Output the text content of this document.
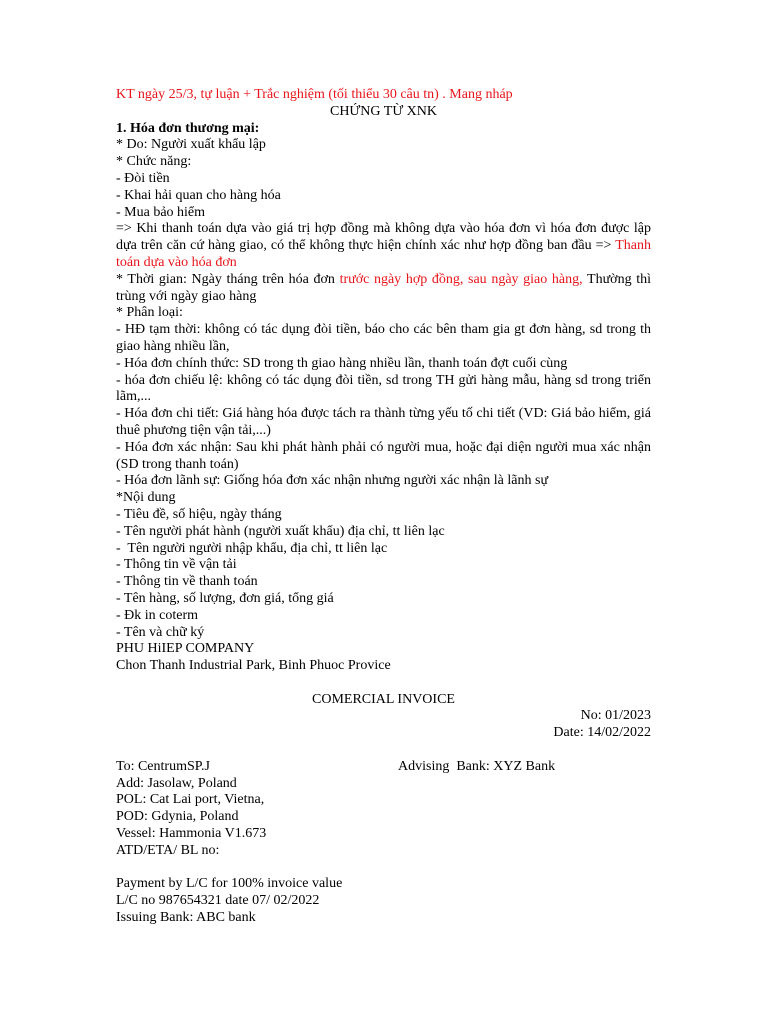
KT ngày 25/3, tự luận + Trắc nghiệm (tối thiểu 30 câu tn) . Mang nháp

CHỨNG TỪ XNK

1. Hóa đơn thương mại:

* Do: Người xuất khẩu lập

* Chức năng:

- Đòi tiền

- Khai hải quan cho hàng hóa

- Mua bảo hiểm

=> Khi thanh toán dựa vào giá trị hợp đồng mà không dựa vào hóa đơn vì hóa đơn được lập dựa trên căn cứ hàng giao, có thể không thực hiện chính xác như hợp đồng ban đầu => Thanh toán dựa vào hóa đơn

* Thời gian: Ngày tháng trên hóa đơn trước ngày hợp đồng, sau ngày giao hàng, Thường thì trùng với ngày giao hàng

* Phân loại:

- HĐ tạm thời: không có tác dụng đòi tiền, báo cho các bên tham gia gt đơn hàng, sd trong th giao hàng nhiều lần,

- Hóa đơn chính thức: SD trong th giao hàng nhiều lần, thanh toán đợt cuối cùng

- hóa đơn chiếu lệ: không có tác dụng đòi tiền, sd trong TH gửi hàng mẫu, hàng sd trong triển lãm,...

- Hóa đơn chi tiết: Giá hàng hóa được tách ra thành từng yếu tố chi tiết (VD: Giá bảo hiểm, giá thuê phương tiện vận tải,...)

- Hóa đơn xác nhận: Sau khi phát hành phải có người mua, hoặc đại diện người mua xác nhận (SD trong thanh toán)

- Hóa đơn lãnh sự: Giống hóa đơn xác nhận nhưng người xác nhận là lãnh sự

*Nội dung

- Tiêu đề, số hiệu, ngày tháng

- Tên người phát hành (người xuất khẩu) địa chỉ, tt liên lạc

-  Tên người người nhập khẩu, địa chỉ, tt liên lạc

- Thông tin về vận tải

- Thông tin về thanh toán

- Tên hàng, số lượng, đơn giá, tổng giá

- Đk in coterm

- Tên và chữ ký

PHU HiIEP COMPANY

Chon Thanh Industrial Park, Binh Phuoc Provice

COMERCIAL INVOICE

No: 01/2023

Date: 14/02/2022

To: CentrumSP.J	Advising  Bank: XYZ Bank

Add: Jasolaw, Poland

POL: Cat Lai port, Vietna,

POD: Gdynia, Poland

Vessel: Hammonia V1.673

ATD/ETA/ BL no:

Payment by L/C for 100% invoice value

L/C no 987654321 date 07/ 02/2022

Issuing Bank: ABC bank
